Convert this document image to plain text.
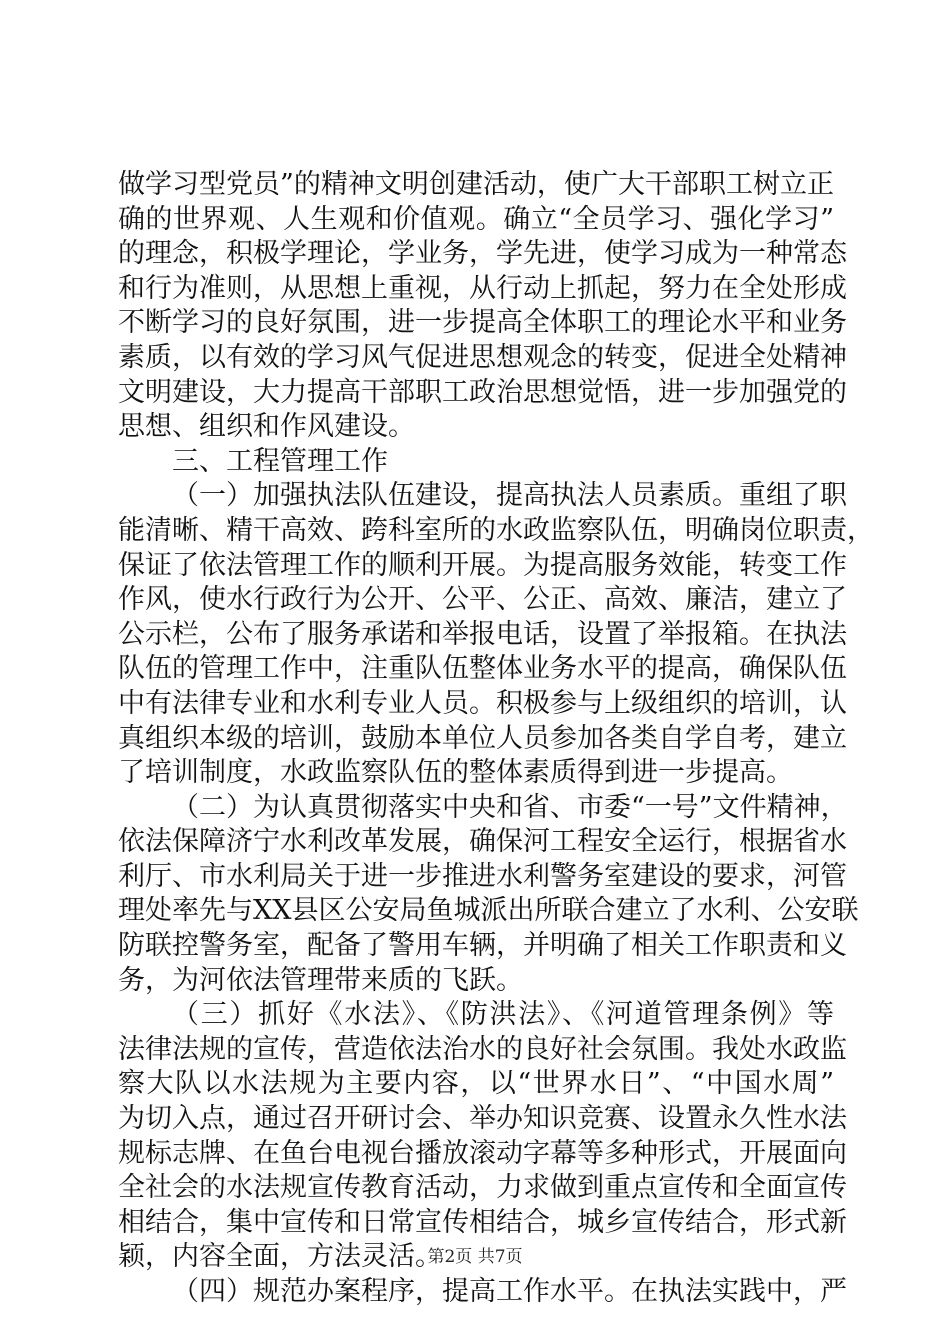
做学习型党员”的精神文明创建活动，使广大干部职工树立正
确的世界观、人生观和价值观。确立“全员学习、强化学习”
的理念，积极学理论，学业务，学先进，使学习成为一种常态
和行为准则，从思想上重视，从行动上抓起，努力在全处形成
不断学习的良好氛围，进一步提高全体职工的理论水平和业务
素质，以有效的学习风气促进思想观念的转变，促进全处精神
文明建设，大力提高干部职工政治思想觉悟，进一步加强党的
思想、组织和作风建设。
三、工程管理工作
（一）加强执法队伍建设，提高执法人员素质。重组了职
能清晰、精干高效、跨科室所的水政监察队伍，明确岗位职责，
保证了依法管理工作的顺利开展。为提高服务效能，转变工作
作风，使水行政行为公开、公平、公正、高效、廉洁，建立了
公示栏，公布了服务承诺和举报电话，设置了举报箱。在执法
队伍的管理工作中，注重队伍整体业务水平的提高，确保队伍
中有法律专业和水利专业人员。积极参与上级组织的培训，认
真组织本级的培训，鼓励本单位人员参加各类自学自考，建立
了培训制度，水政监察队伍的整体素质得到进一步提高。
（二）为认真贯彻落实中央和省、市委“一号”文件精神，
依法保障济宁水利改革发展，确保河工程安全运行，根据省水
利厅、市水利局关于进一步推进水利警务室建设的要求，河管
理处率先与XX县区公安局鱼城派出所联合建立了水利、公安联
防联控警务室，配备了警用车辆，并明确了相关工作职责和义
务，为河依法管理带来质的飞跃。
（三）抓好《水法》、《防洪法》、《河道管理条例》等
法律法规的宣传，营造依法治水的良好社会氛围。我处水政监
察大队以水法规为主要内容，以“世界水日”、“中国水周”
为切入点，通过召开研讨会、举办知识竞赛、设置永久性水法
规标志牌、在鱼台电视台播放滚动字幕等多种形式，开展面向
全社会的水法规宣传教育活动，力求做到重点宣传和全面宣传
相结合，集中宣传和日常宣传相结合，城乡宣传结合，形式新
颖，内容全面，方法灵活。
（四）规范办案程序，提高工作水平。在执法实践中，严
第2页 共7页
